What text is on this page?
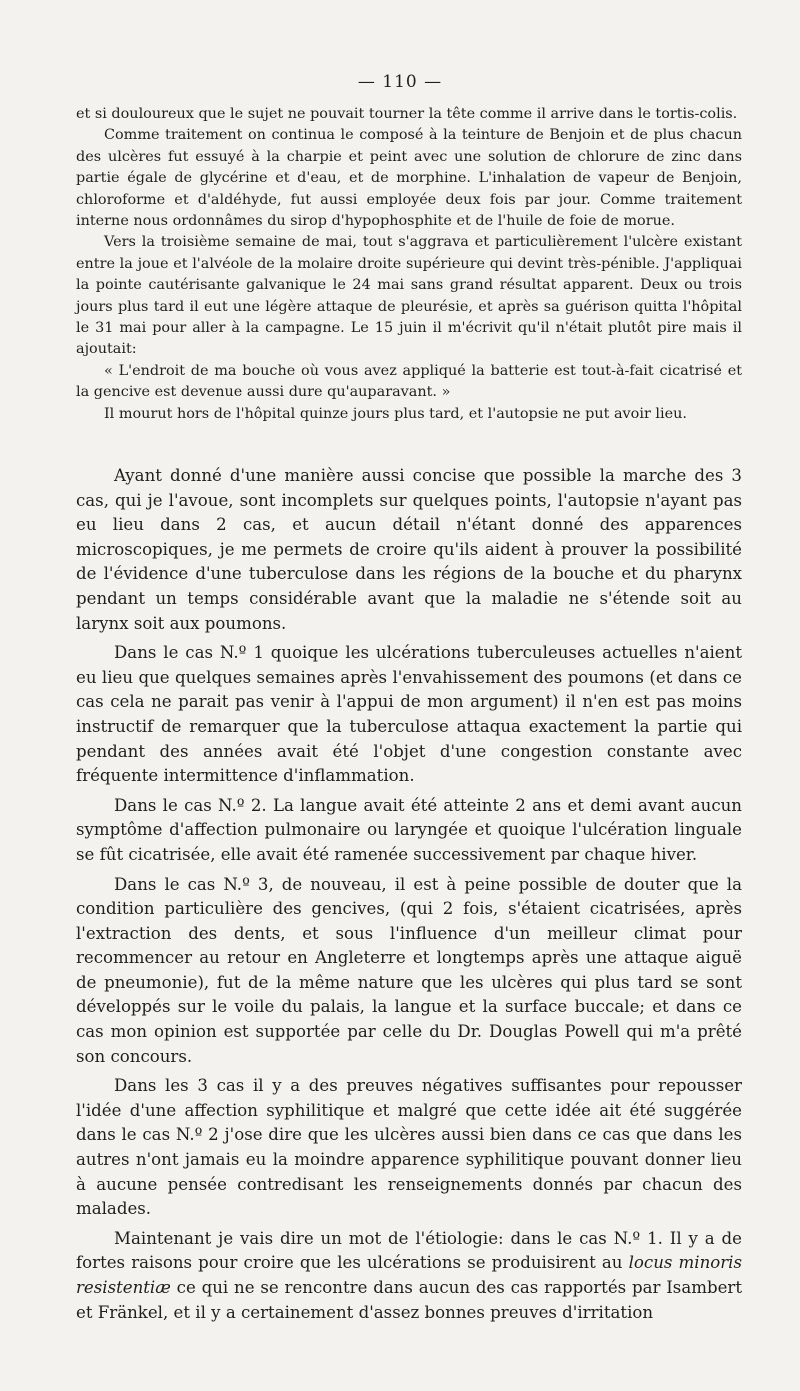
— 110 —

et si douloureux que le sujet ne pouvait tourner la tête comme il arrive dans le tortis-colis.

Comme traitement on continua le composé à la teinture de Benjoin et de plus chacun des ulcères fut essuyé à la charpie et peint avec une solution de chlorure de zinc dans partie égale de glycérine et d'eau, et de morphine. L'inhalation de vapeur de Benjoin, chloroforme et d'aldéhyde, fut aussi employée deux fois par jour. Comme traitement interne nous ordonnâmes du sirop d'hypophosphite et de l'huile de foie de morue.

Vers la troisième semaine de mai, tout s'aggrava et particulièrement l'ulcère existant entre la joue et l'alvéole de la molaire droite supérieure qui devint très-pénible. J'appliquai la pointe cautérisante galvanique le 24 mai sans grand résultat apparent. Deux ou trois jours plus tard il eut une légère attaque de pleurésie, et après sa guérison quitta l'hôpital le 31 mai pour aller à la campagne. Le 15 juin il m'écrivit qu'il n'était plutôt pire mais il ajoutait:

« L'endroit de ma bouche où vous avez appliqué la batterie est tout-à-fait cicatrisé et la gencive est devenue aussi dure qu'auparavant. »

Il mourut hors de l'hôpital quinze jours plus tard, et l'autopsie ne put avoir lieu.

Ayant donné d'une manière aussi concise que possible la marche des 3 cas, qui je l'avoue, sont incomplets sur quelques points, l'autopsie n'ayant pas eu lieu dans 2 cas, et aucun détail n'étant donné des apparences microscopiques, je me permets de croire qu'ils aident à prouver la possibilité de l'évidence d'une tuberculose dans les régions de la bouche et du pharynx pendant un temps considérable avant que la maladie ne s'étende soit au larynx soit aux poumons.

Dans le cas N.º 1 quoique les ulcérations tuberculeuses actuelles n'aient eu lieu que quelques semaines après l'envahissement des poumons (et dans ce cas cela ne parait pas venir à l'appui de mon argument) il n'en est pas moins instructif de remarquer que la tuberculose attaqua exactement la partie qui pendant des années avait été l'objet d'une congestion constante avec fréquente intermittence d'inflammation.

Dans le cas N.º 2. La langue avait été atteinte 2 ans et demi avant aucun symptôme d'affection pulmonaire ou laryngée et quoique l'ulcération linguale se fût cicatrisée, elle avait été ramenée successivement par chaque hiver.

Dans le cas N.º 3, de nouveau, il est à peine possible de douter que la condition particulière des gencives, (qui 2 fois, s'étaient cicatrisées, après l'extraction des dents, et sous l'influence d'un meilleur climat pour recommencer au retour en Angleterre et longtemps après une attaque aiguë de pneumonie), fut de la même nature que les ulcères qui plus tard se sont développés sur le voile du palais, la langue et la surface buccale; et dans ce cas mon opinion est supportée par celle du Dr. Douglas Powell qui m'a prêté son concours.

Dans les 3 cas il y a des preuves négatives suffisantes pour repousser l'idée d'une affection syphilitique et malgré que cette idée ait été suggérée dans le cas N.º 2 j'ose dire que les ulcères aussi bien dans ce cas que dans les autres n'ont jamais eu la moindre apparence syphilitique pouvant donner lieu à aucune pensée contredisant les renseignements donnés par chacun des malades.

Maintenant je vais dire un mot de l'étiologie: dans le cas N.º 1. Il y a de fortes raisons pour croire que les ulcérations se produisirent au locus minoris resistentiæ ce qui ne se rencontre dans aucun des cas rapportés par Isambert et Fränkel, et il y a certainement d'assez bonnes preuves d'irritation
